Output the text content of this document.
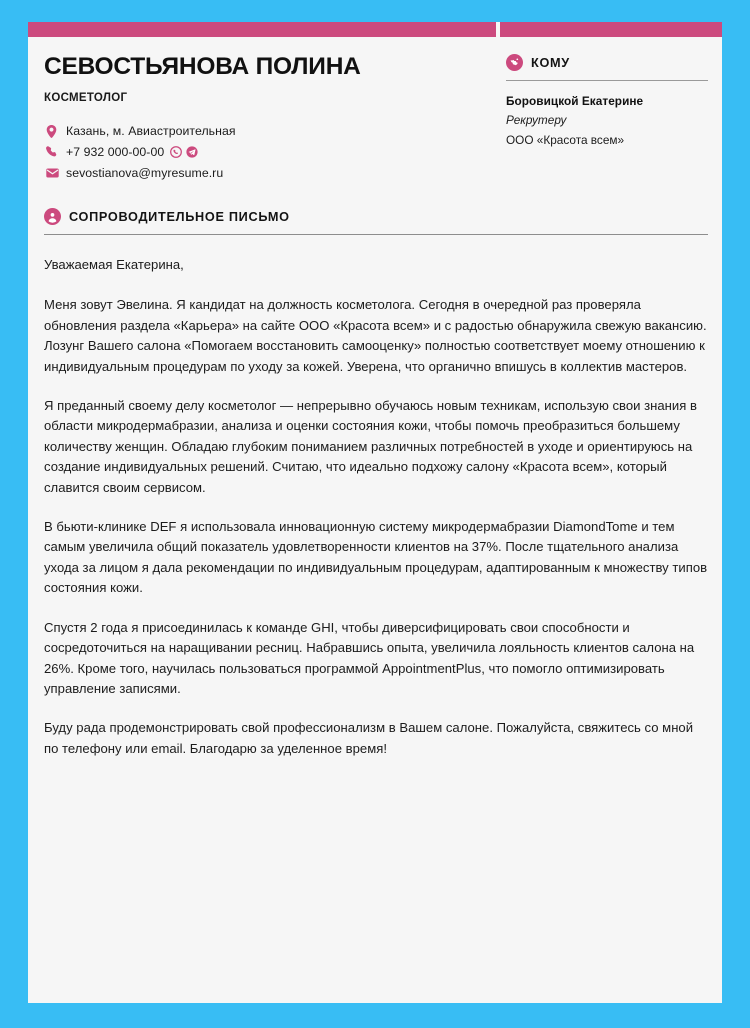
СЕВОСТЬЯНОВА ПОЛИНА
КОСМЕТОЛОГ
Казань, м. Авиастроительная
+7 932 000-00-00
sevostianova@myresume.ru
КОМУ
Боровицкой Екатерине
Рекрутеру
ООО «Красота всем»
СОПРОВОДИТЕЛЬНОЕ ПИСЬМО

Уважаемая Екатерина,

Меня зовут Эвелина. Я кандидат на должность косметолога. Сегодня в очередной раз проверяла обновления раздела «Карьера» на сайте ООО «Красота всем» и с радостью обнаружила свежую вакансию. Лозунг Вашего салона «Помогаем восстановить самооценку» полностью соответствует моему отношению к индивидуальным процедурам по уходу за кожей. Уверена, что органично впишусь в коллектив мастеров.

Я преданный своему делу косметолог — непрерывно обучаюсь новым техникам, использую свои знания в области микродермабразии, анализа и оценки состояния кожи, чтобы помочь преобразиться большему количеству женщин. Обладаю глубоким пониманием различных потребностей в уходе и ориентируюсь на создание индивидуальных решений. Считаю, что идеально подхожу салону «Красота всем», который славится своим сервисом.

В бьюти-клинике DEF я использовала инновационную систему микродермабразии DiamondTome и тем самым увеличила общий показатель удовлетворенности клиентов на 37%. После тщательного анализа ухода за лицом я дала рекомендации по индивидуальным процедурам, адаптированным к множеству типов состояния кожи.

Спустя 2 года я присоединилась к команде GHI, чтобы диверсифицировать свои способности и сосредоточиться на наращивании ресниц. Набравшись опыта, увеличила лояльность клиентов салона на 26%. Кроме того, научилась пользоваться программой AppointmentPlus, что помогло оптимизировать управление записями.

Буду рада продемонстрировать свой профессионализм в Вашем салоне. Пожалуйста, свяжитесь со мной по телефону или email. Благодарю за уделенное время!
